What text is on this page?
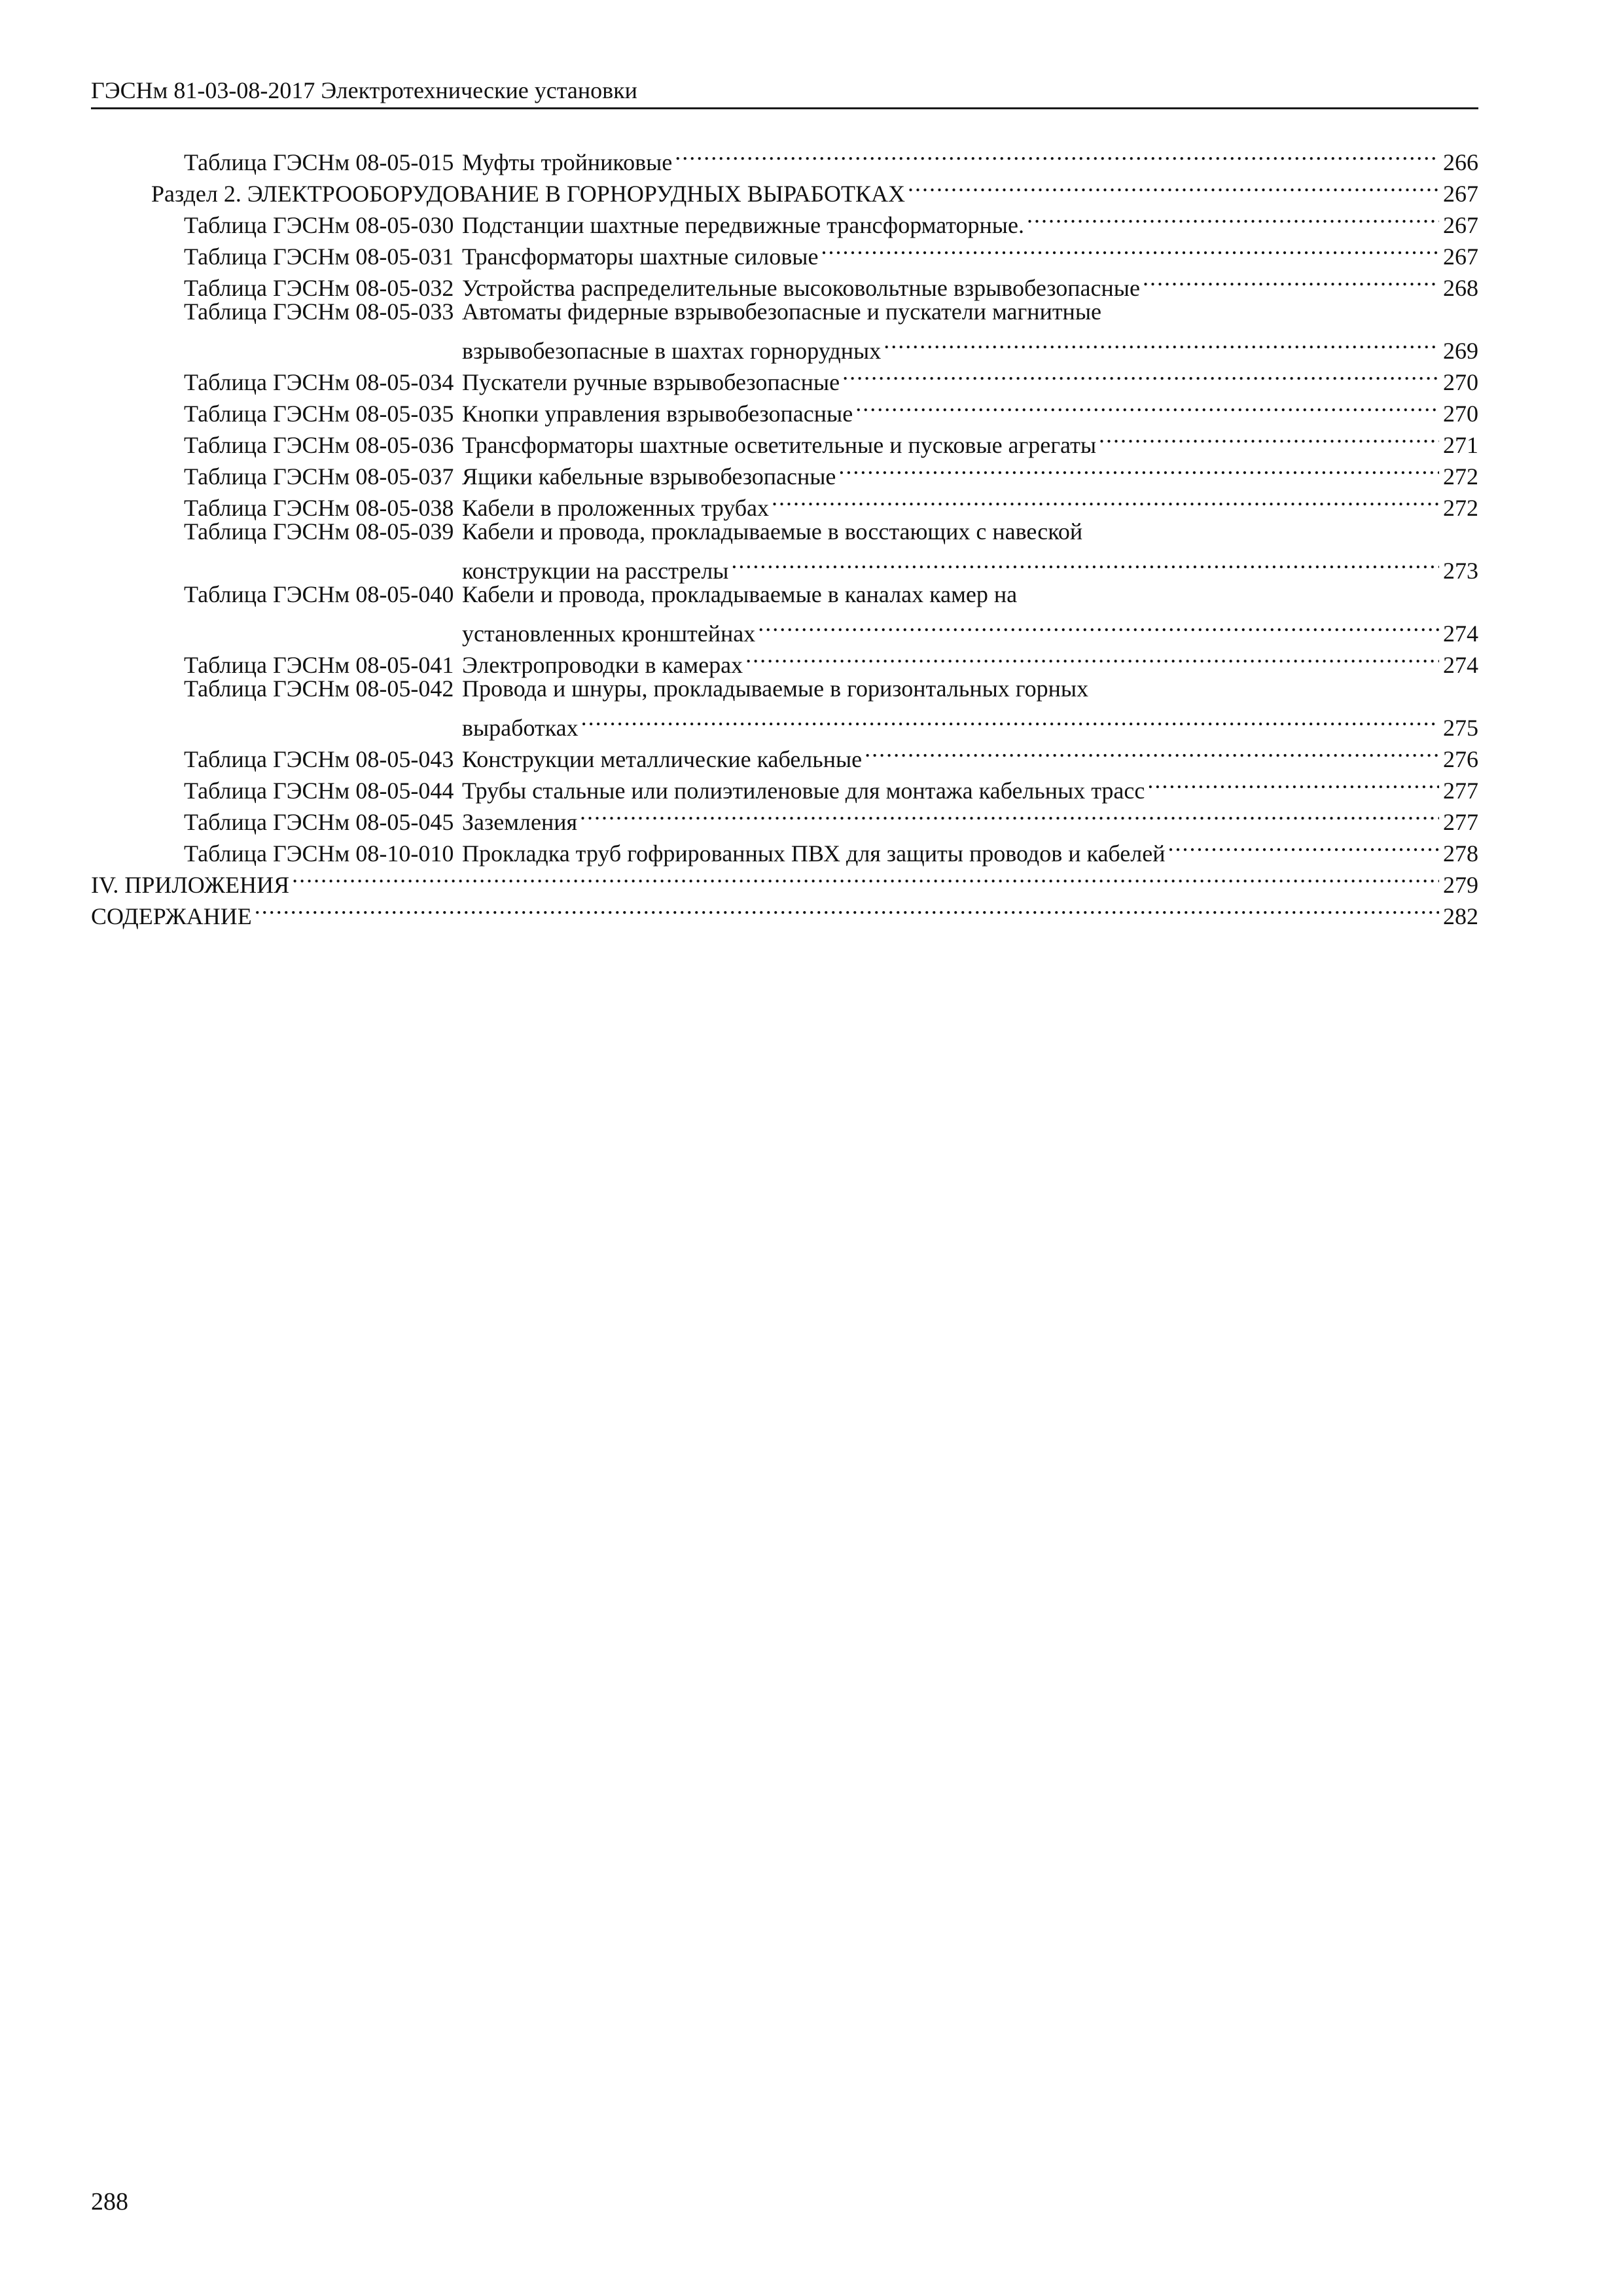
ГЭСНм 81-03-08-2017 Электротехнические установки
Таблица ГЭСНм 08-05-015 Муфты тройниковые .....	266
Раздел 2. ЭЛЕКТРООБОРУДОВАНИЕ В ГОРНОРУДНЫХ ВЫРАБОТКАХ .....	267
Таблица ГЭСНм 08-05-030 Подстанции шахтные передвижные трансформаторные. .....	267
Таблица ГЭСНм 08-05-031 Трансформаторы шахтные силовые .....	267
Таблица ГЭСНм 08-05-032 Устройства распределительные высоковольтные взрывобезопасные .....	268
Таблица ГЭСНм 08-05-033 Автоматы фидерные взрывобезопасные и пускатели магнитные
взрывобезопасные в шахтах горнорудных .....	269
Таблица ГЭСНм 08-05-034 Пускатели ручные взрывобезопасные .....	270
Таблица ГЭСНм 08-05-035 Кнопки управления взрывобезопасные .....	270
Таблица ГЭСНм 08-05-036 Трансформаторы шахтные осветительные и пусковые агрегаты .....	271
Таблица ГЭСНм 08-05-037 Ящики кабельные взрывобезопасные .....	272
Таблица ГЭСНм 08-05-038 Кабели в проложенных трубах .....	272
Таблица ГЭСНм 08-05-039 Кабели и провода, прокладываемые в восстающих с навеской
конструкции на расстрелы .....	273
Таблица ГЭСНм 08-05-040 Кабели и провода, прокладываемые в каналах камер на
установленных кронштейнах .....	274
Таблица ГЭСНм 08-05-041 Электропроводки в камерах .....	274
Таблица ГЭСНм 08-05-042 Провода и шнуры, прокладываемые в горизонтальных горных
выработках .....	275
Таблица ГЭСНм 08-05-043 Конструкции металлические кабельные .....	276
Таблица ГЭСНм 08-05-044 Трубы стальные или полиэтиленовые для монтажа кабельных трасс .....	277
Таблица ГЭСНм 08-05-045 Заземления .....	277
Таблица ГЭСНм 08-10-010 Прокладка труб гофрированных ПВХ для защиты проводов и кабелей .....	278
IV. ПРИЛОЖЕНИЯ .....	279
СОДЕРЖАНИЕ .....	282
288
